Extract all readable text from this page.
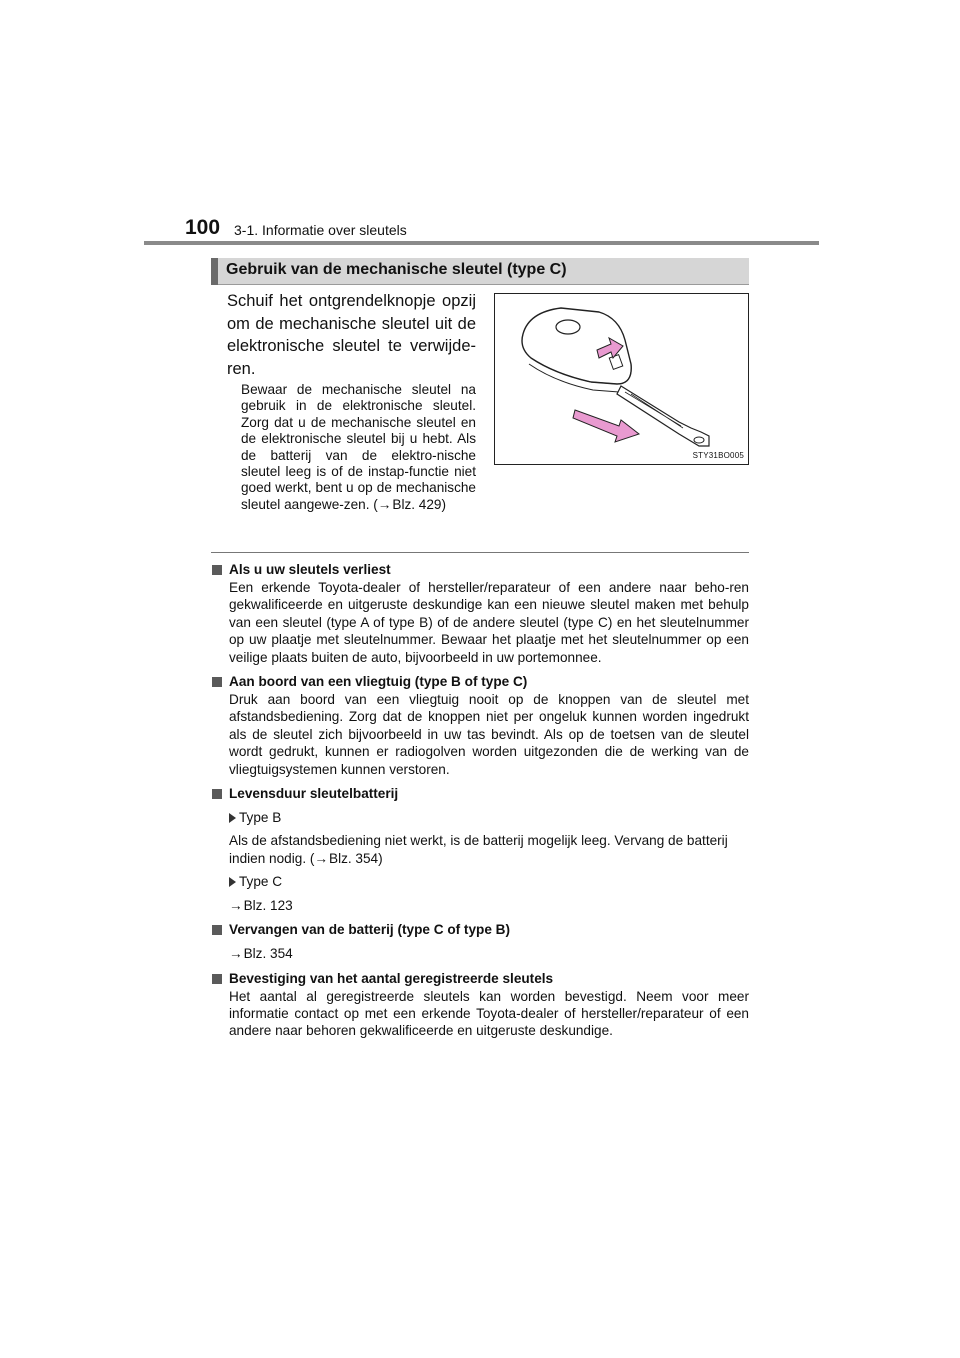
100 3-1. Informatie over sleutels
Gebruik van de mechanische sleutel (type C)
Schuif het ontgrendelknopje opzij om de mechanische sleutel uit de elektronische sleutel te verwijde-ren.
Bewaar de mechanische sleutel na gebruik in de elektronische sleutel. Zorg dat u de mechanische sleutel en de elektronische sleutel bij u hebt. Als de batterij van de elektro-nische sleutel leeg is of de instap-functie niet goed werkt, bent u op de mechanische sleutel aangewe-zen. (→Blz. 429)
STY31BO005
Als u uw sleutels verliest
Een erkende Toyota-dealer of hersteller/reparateur of een andere naar beho-ren gekwalificeerde en uitgeruste deskundige kan een nieuwe sleutel maken met behulp van een sleutel (type A of type B) of de andere sleutel (type C) en het sleutelnummer op uw plaatje met sleutelnummer. Bewaar het plaatje met het sleutelnummer op een veilige plaats buiten de auto, bijvoorbeeld in uw portemonnee.
Aan boord van een vliegtuig (type B of type C)
Druk aan boord van een vliegtuig nooit op de knoppen van de sleutel met afstandsbediening. Zorg dat de knoppen niet per ongeluk kunnen worden ingedrukt als de sleutel zich bijvoorbeeld in uw tas bevindt. Als op de toetsen van de sleutel wordt gedrukt, kunnen er radiogolven worden uitgezonden die de werking van de vliegtuigsystemen kunnen verstoren.
Levensduur sleutelbatterij
Type B
Als de afstandsbediening niet werkt, is de batterij mogelijk leeg. Vervang de batterij indien nodig. (→Blz. 354)
Type C
→Blz. 123
Vervangen van de batterij (type C of type B)
→Blz. 354
Bevestiging van het aantal geregistreerde sleutels
Het aantal al geregistreerde sleutels kan worden bevestigd. Neem voor meer informatie contact op met een erkende Toyota-dealer of hersteller/reparateur of een andere naar behoren gekwalificeerde en uitgeruste deskundige.
